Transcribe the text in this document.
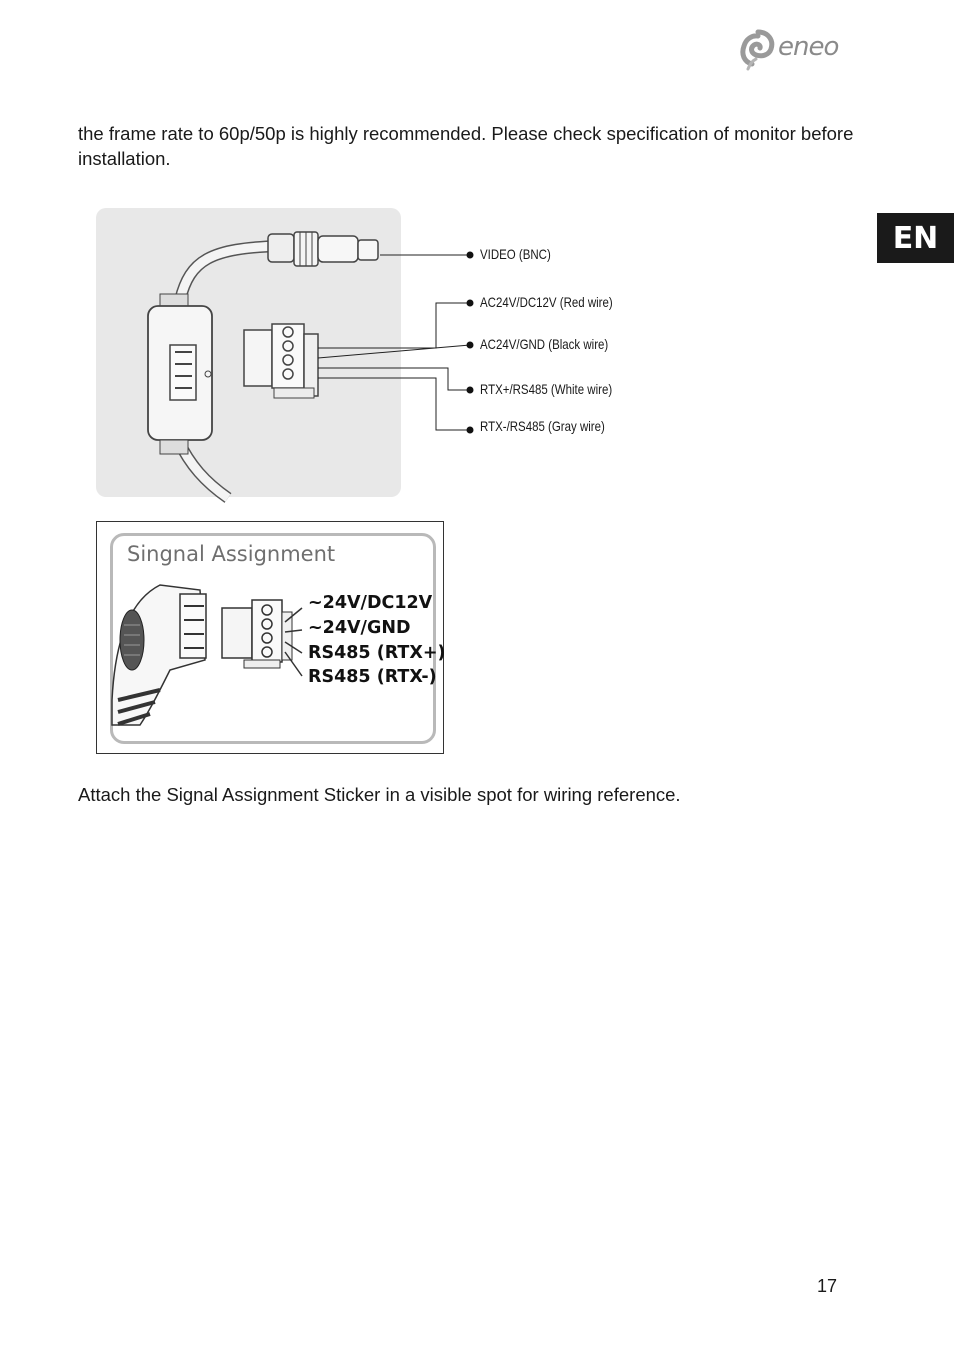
eneo
EN

the frame rate to 60p/50p is highly recommended. Please check specification of monitor before installation.

VIDEO (BNC)
AC24V/DC12V (Red wire)
AC24V/GND (Black wire)
RTX+/RS485 (White wire)
RTX-/RS485 (Gray wire)
Singnal Assignment
~24V/DC12V
~24V/GND
RS485 (RTX+)
RS485 (RTX-)

Attach the Signal Assignment Sticker in a visible spot for wiring reference.

17
